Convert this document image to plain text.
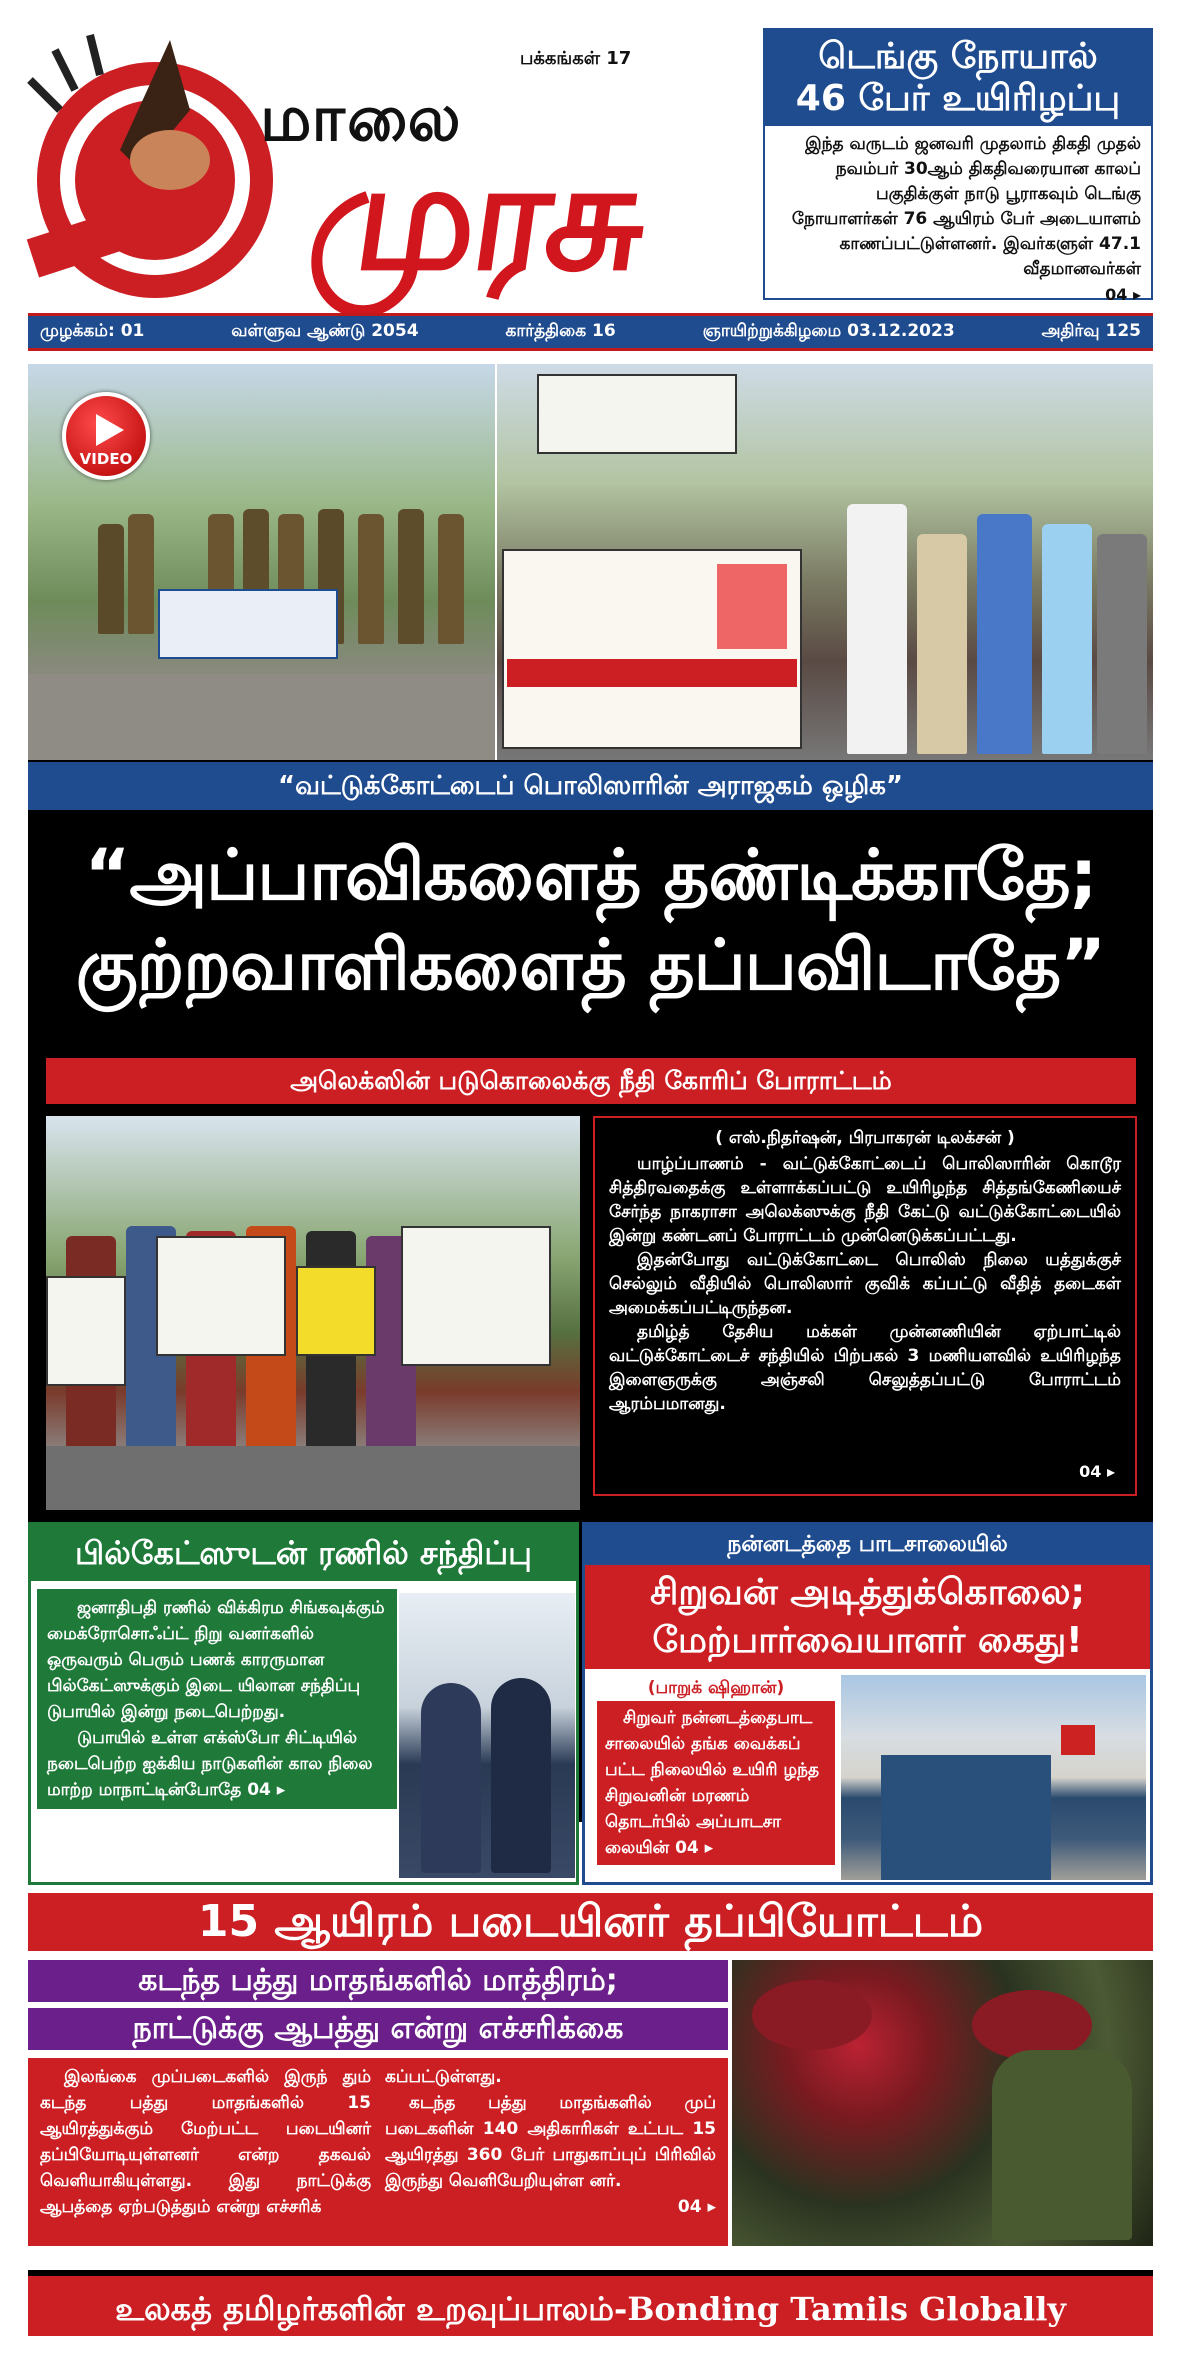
பக்கங்கள் 17
மாலை
முரசு
டெங்கு நோயால்
46 பேர் உயிரிழப்பு
இந்த வருடம் ஜனவரி முதலாம் திகதி முதல் நவம்பர் 30ஆம் திகதிவரையான காலப் பகுதிக்குள் நாடு பூராகவும் டெங்கு நோயாளர்கள் 76 ஆயிரம் பேர் அடையாளம் காணப்பட்டுள்ளனர். இவர்களுள் 47.1 வீதமானவர்கள்
04 ▸
முழக்கம்: 01	வள்ளுவ ஆண்டு 2054	கார்த்திகை 16	ஞாயிற்றுக்கிழமை 03.12.2023	அதிர்வு 125
VIDEO
“வட்டுக்கோட்டைப் பொலிஸாரின் அராஜகம் ஒழிக”
“அப்பாவிகளைத் தண்டிக்காதே;
குற்றவாளிகளைத் தப்பவிடாதே”
அலெக்ஸின் படுகொலைக்கு நீதி கோரிப் போராட்டம்
( எஸ்.நிதர்ஷன், பிரபாகரன் டிலக்சன் )

யாழ்ப்பாணம் - வட்டுக்கோட்டைப் பொலிஸாரின் கொடூர சித்திரவதைக்கு உள்ளாக்கப்பட்டு உயிரிழந்த சித்தங்கேணியைச் சேர்ந்த நாகராசா அலெக்ஸுக்கு நீதி கேட்டு வட்டுக்கோட்டையில் இன்று கண்டனப் போராட்டம் முன்னெடுக்கப்பட்டது.

இதன்போது வட்டுக்கோட்டை பொலிஸ் நிலை யத்துக்குச் செல்லும் வீதியில் பொலிஸார் குவிக் கப்பட்டு வீதித் தடைகள் அமைக்கப்பட்டிருந்தன.

தமிழ்த் தேசிய மக்கள் முன்னணியின் ஏற்பாட்டில் வட்டுக்கோட்டைச் சந்தியில் பிற்பகல் 3 மணியளவில் உயிரிழந்த இளைஞருக்கு அஞ்சலி செலுத்தப்பட்டு போராட்டம் ஆரம்பமானது.

04 ▸
பில்கேட்ஸுடன் ரணில் சந்திப்பு

ஜனாதிபதி ரணில் விக்கிரம சிங்கவுக்கும் மைக்ரோசொஃப்ட் நிறு வனர்களில் ஒருவரும் பெரும் பணக் காரருமான பில்கேட்ஸுக்கும் இடை யிலான சந்திப்பு டுபாயில் இன்று நடைபெற்றது.

டுபாயில் உள்ள எக்ஸ்போ சிட்டியில் நடைபெற்ற ஐக்கிய நாடுகளின் கால நிலை மாற்ற மாநாட்டின்போதே 04 ▸

நன்னடத்தை பாடசாலையில்
சிறுவன் அடித்துக்கொலை;
மேற்பார்வையாளர் கைது!
(பாறுக் ஷிஹான்)
சிறுவர் நன்னடத்தைபாட சாலையில் தங்க வைக்கப் பட்ட நிலையில் உயிரி ழந்த சிறுவனின் மரணம் தொடர்பில் அப்பாடசா லையின் 04 ▸
15 ஆயிரம் படையினர் தப்பியோட்டம்
கடந்த பத்து மாதங்களில் மாத்திரம்;
நாட்டுக்கு ஆபத்து என்று எச்சரிக்கை

இலங்கை முப்படைகளில் இருந் தும் கடந்த பத்து மாதங்களில் 15 ஆயிரத்துக்கும் மேற்பட்ட படையினர் தப்பியோடியுள்ளனர் என்ற தகவல் வெளியாகியுள்ளது. இது நாட்டுக்கு ஆபத்தை ஏற்படுத்தும் என்று எச்சரிக்

கப்பட்டுள்ளது.

கடந்த பத்து மாதங்களில் முப் படைகளின் 140 அதிகாரிகள் உட்பட 15 ஆயிரத்து 360 பேர் பாதுகாப்புப் பிரிவில் இருந்து வெளியேறியுள்ள னர்.

04 ▸
உலகத் தமிழர்களின் உறவுப்பாலம்-Bonding Tamils Globally
